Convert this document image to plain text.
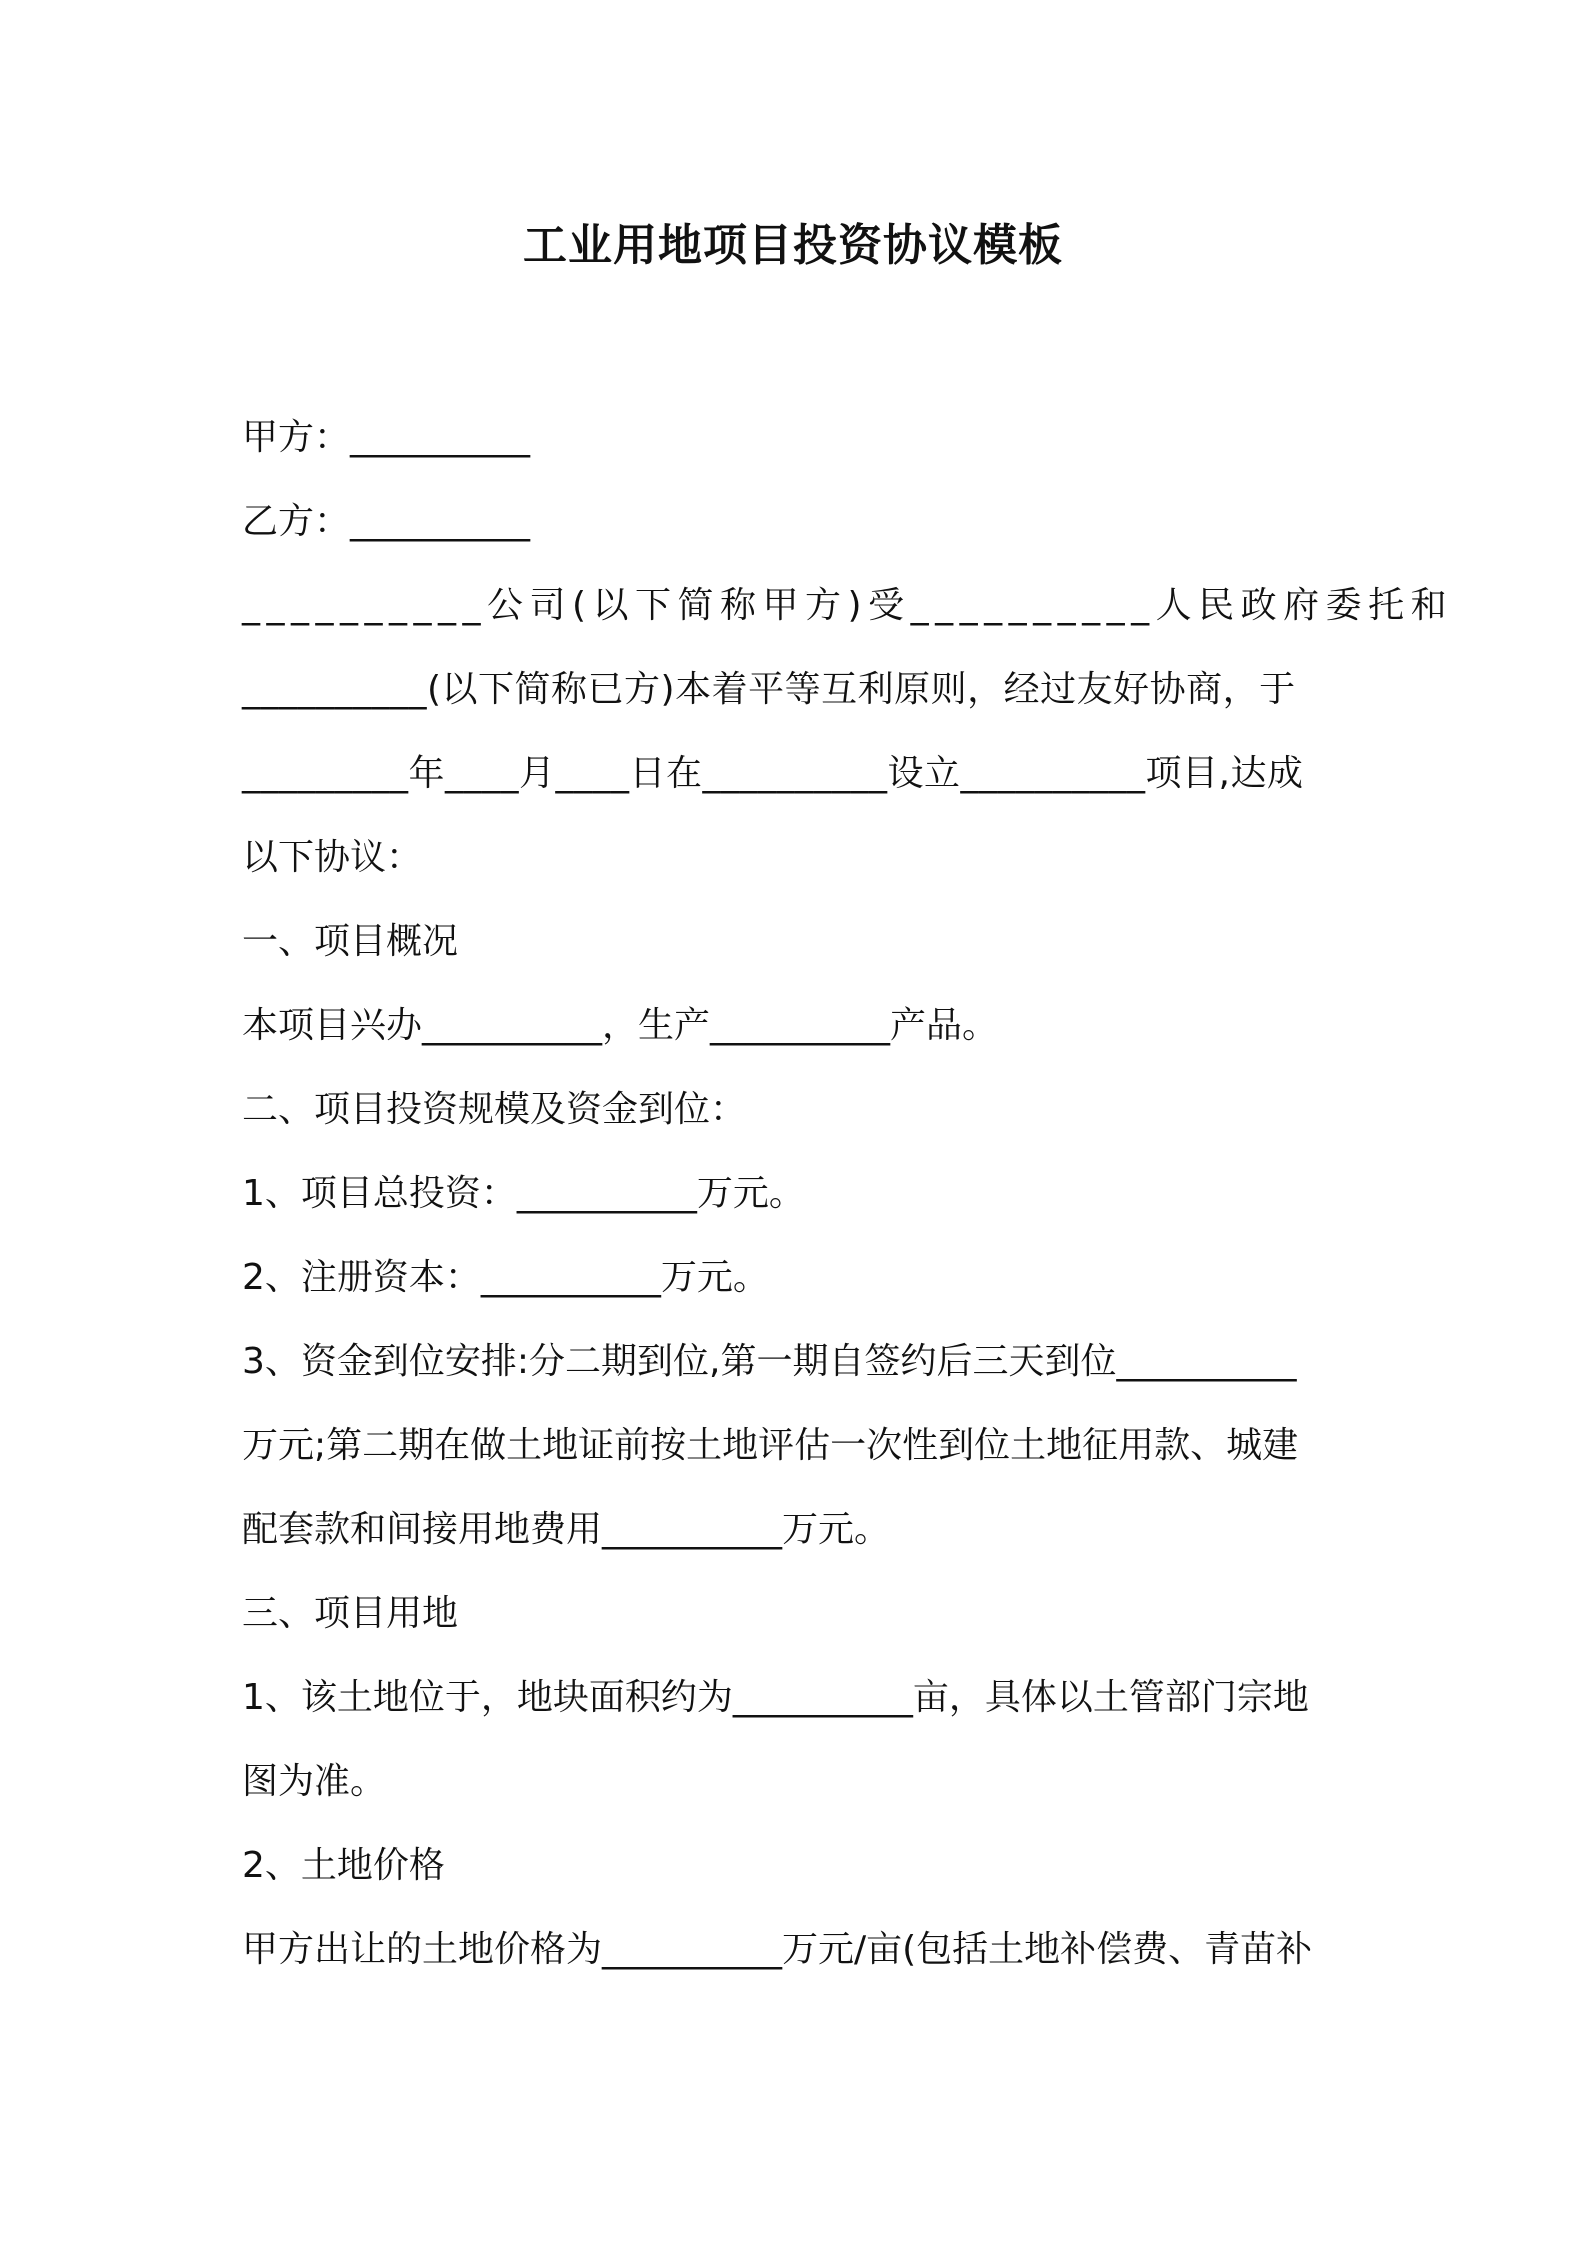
工业用地项目投资协议模板
甲方：__________
乙方：__________
__________公司(以下简称甲方)受__________人民政府委托和
__________(以下简称已方)本着平等互利原则，经过友好协商，于
_________年____月____日在__________设立__________项目,达成
以下协议：
一、项目概况
本项目兴办__________，生产__________产品。
二、项目投资规模及资金到位：
1、项目总投资：__________万元。
2、注册资本：__________万元。
3、资金到位安排:分二期到位,第一期自签约后三天到位__________
万元;第二期在做土地证前按土地评估一次性到位土地征用款、城建
配套款和间接用地费用__________万元。
三、项目用地
1、该土地位于，地块面积约为__________亩，具体以土管部门宗地
图为准。
2、土地价格
甲方出让的土地价格为__________万元/亩(包括土地补偿费、青苗补
